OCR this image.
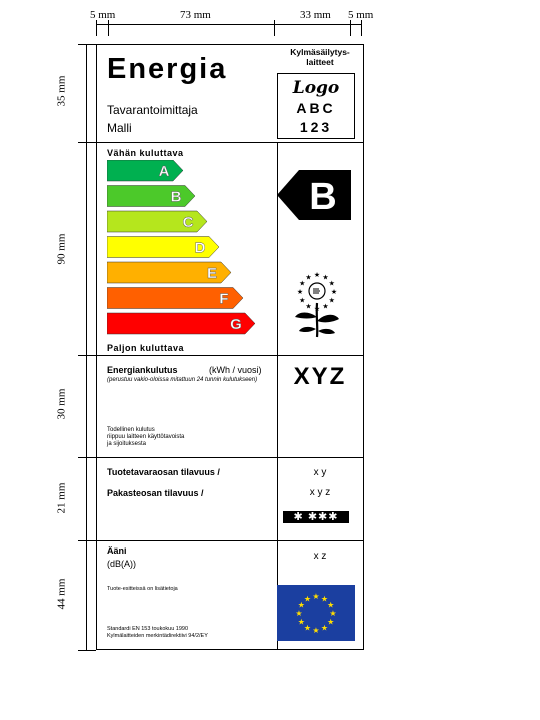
5 mm	73 mm	33 mm 5 mm
35 mm
90 mm
30 mm
21 mm
44 mm
Energia
Tavarantoimittaja
Malli
Kylmäsäilytys-laitteet
Logo
ABC
123
Vähän kuluttava
A
B
C
D
E
F
G
Paljon kuluttava
B
★ ★
★
★
★
★
★
★
★
★
★
★
Energiankulutus	(kWh / vuosi)
(perustuu vakio-oloissa mitattuun 24 tunnin kulutukseen)	XYZ
Todellinen kulutus
riippuu laitteen käyttötavoista
ja sijoituksesta
Tuotetavaraosan tilavuus /
Pakasteosan tilavuus /
x y
x y z
✱ ✱✱✱
Ääni
(dB(A))
x z
Tuote-esitteissä on lisätietoja
Standardi EN 153 toukokuu 1990
Kylmälaitteiden merkintädirektiivi 94/2/EY
★ ★
★
★
★
★
★
★
★
★
★
★
